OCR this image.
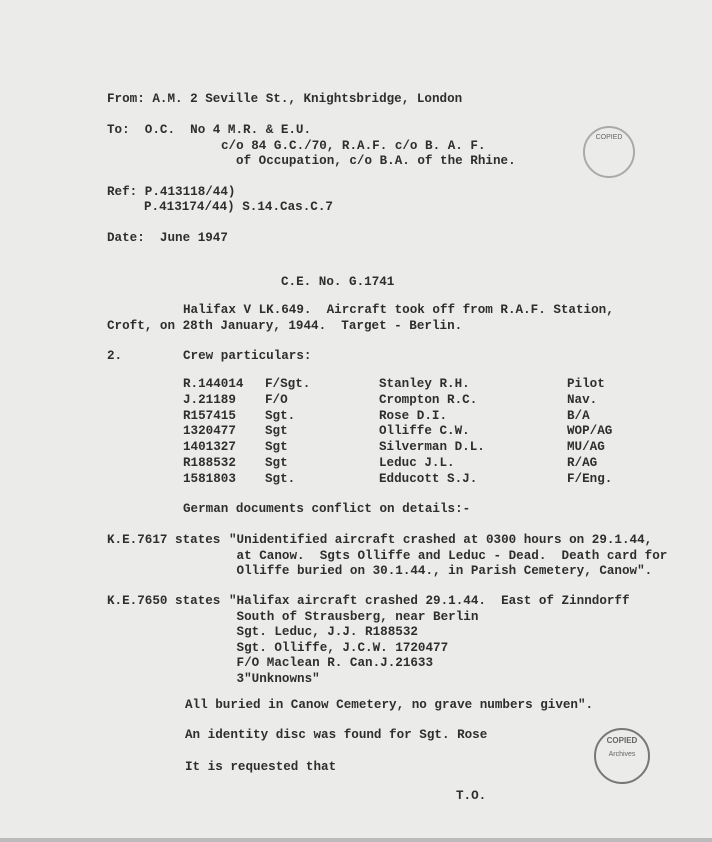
From: A.M. 2 Seville St., Knightsbridge, London
To:  O.C.  No 4 M.R. & E.U.
c/o 84 G.C./70, R.A.F. c/o B. A. F.
of Occupation, c/o B.A. of the Rhine.
Ref: P.413118/44)
P.413174/44) S.14.Cas.C.7
Date:  June 1947
C.E. No. G.1741
Halifax V LK.649.  Aircraft took off from R.A.F. Station,
Croft, on 28th January, 1944.  Target - Berlin.
2.	Crew particulars:
R.144014 F/Sgt.	Stanley R.H.	Pilot
J.21189 F/O	Crompton R.C.	Nav.
R157415 Sgt.	Rose D.I.	B/A
1320477 Sgt	Olliffe C.W.	WOP/AG
1401327 Sgt	Silverman D.L.	MU/AG
R188532 Sgt	Leduc J.L.	R/AG
1581803 Sgt.	Edducott S.J.	F/Eng.
German documents conflict on details:-
K.E.7617 states "Unidentified aircraft crashed at 0300 hours on 29.1.44,
at Canow.  Sgts Olliffe and Leduc - Dead.  Death card for
Olliffe buried on 30.1.44., in Parish Cemetery, Canow".
K.E.7650 states "Halifax aircraft crashed 29.1.44.  East of Zinndorff
South of Strausberg, near Berlin
Sgt. Leduc, J.J. R188532
Sgt. Olliffe, J.C.W. 1720477
F/O Maclean R. Can.J.21633
3"Unknowns"
All buried in Canow Cemetery, no grave numbers given".
An identity disc was found for Sgt. Rose
It is requested that
T.O.
COPIED
COPIED
Archives
